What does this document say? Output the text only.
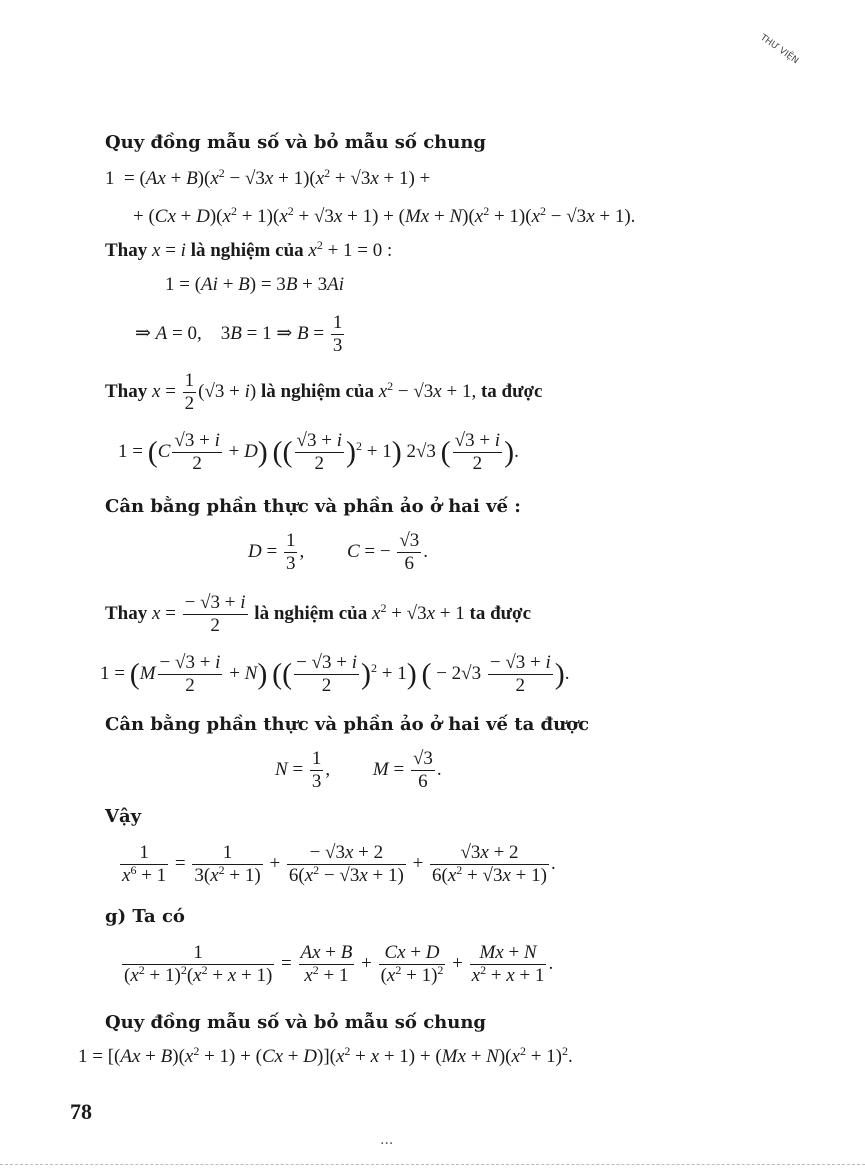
THƯ VIỆN
Quy đồng mẫu số và bỏ mẫu số chung
$1 = (Ax + B)(x^2 - √3x + 1)(x^2 + √3x + 1)$ +
+ $(Cx + D)(x^2 + 1)(x^2 + √3x + 1) + (Mx + N)(x^2 + 1)(x^2 - √3x + 1)$.
Thay x = i là nghiệm của $x^2 + 1 = 0$ :
1 = (Ai + B) = 3B + 3Ai
⇒ A = 0,    3B = 1 ⇒ $B = \frac{1}{3}$
Thay $x = \frac{1}{2} (√3 + i)$ là nghiệm của $x^2 - √3x + 1$, ta được
$1 = (C \frac{√3 + i}{2} + D)$ (( $\frac{√3 + i}{2} )^2 + 1$) 2√3 ( $\frac{√3 + i}{2}$ ).
Cân bằng phần thực và phần ảo ở hai vế :
$D = \frac{1}{3}$ ,         C = − $\frac{√3}{6}$ .
Thay $x = \frac{- √3 + i}{2}$ là nghiệm của $x^2 + √3x + 1$ ta được
$1 = (M \frac{- √3 + i}{2} + N)$ (( $\frac{- √3 + i}{2} )^2 + 1$) ( − $2√3 \frac{- √3 + i}{2}$ ).
Cân bằng phần thực và phần ảo ở hai vế ta được
$N = \frac{1}{3}$ ,         $M = \frac{√3}{6}$ .
Vậy
$\frac{1}{x^6 + 1} = \frac{1}{3(x^2 + 1)} + \frac{- √3x + 2}{6(x^2 - √3x + 1)} + \frac{√3x + 2}{6(x^2 + √3x + 1)}$ .
g) Ta có
$\frac{1}{(x^2 + 1)^2(x^2 + x + 1)} = \frac{Ax + B}{x^2 + 1} + \frac{Cx + D}{(x^2 + 1)^2} + \frac{Mx + N}{x^2 + x + 1}$ .
Quy đồng mẫu số và bỏ mẫu số chung
$1 = [(Ax + B)(x^2 + 1) + (Cx + D)](x^2 + x + 1) + (Mx + N)(x^2 + 1)^2$.
78
...
